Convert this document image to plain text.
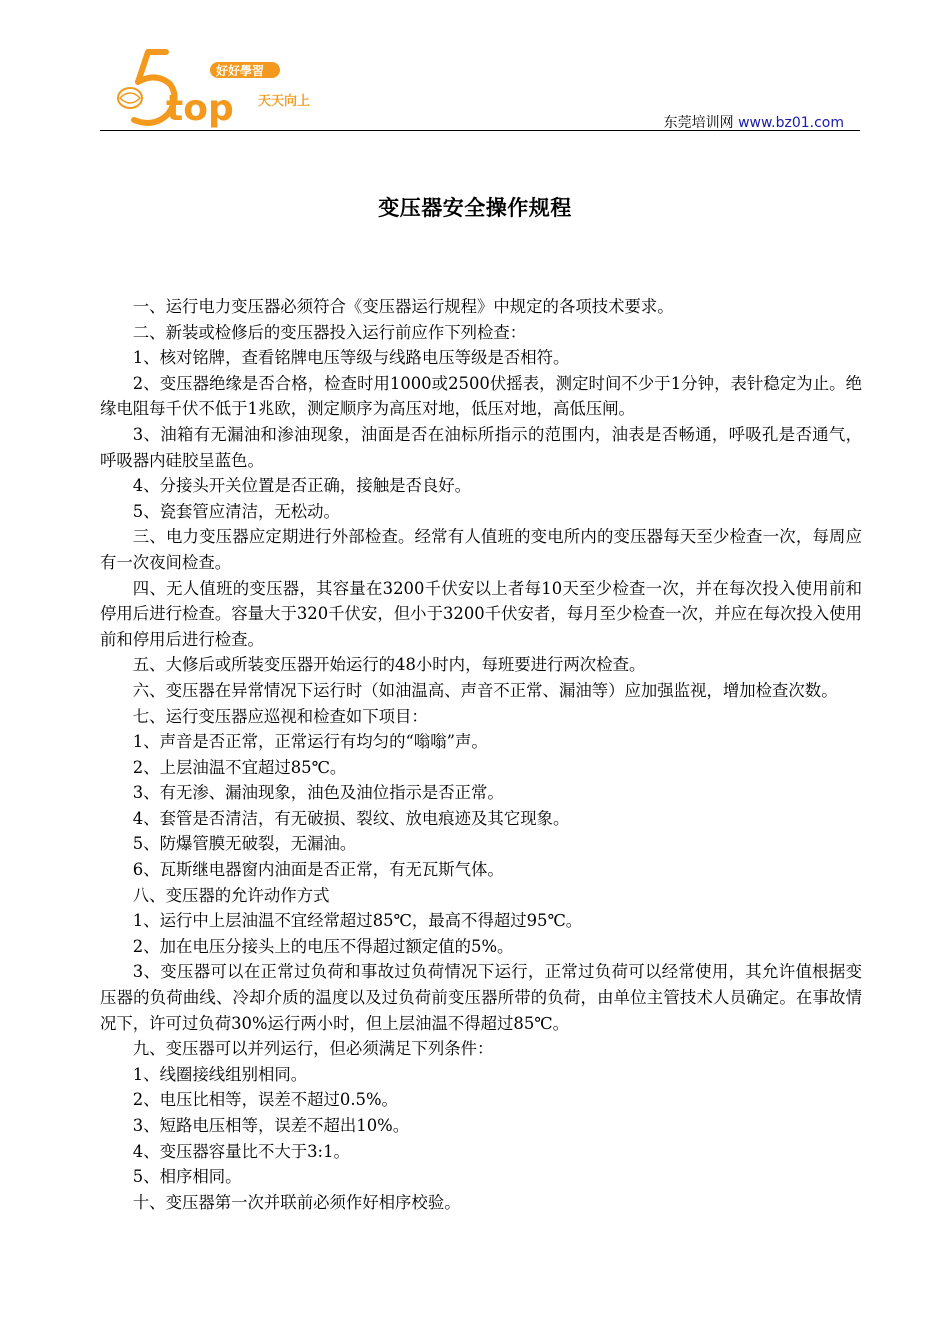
top
好好學習
天天向上
东莞培训网 www.bz01.com
变压器安全操作规程

一、运行电力变压器必须符合《变压器运行规程》中规定的各项技术要求。

二、新装或检修后的变压器投入运行前应作下列检查：

1、核对铭牌，查看铭牌电压等级与线路电压等级是否相符。

2、变压器绝缘是否合格，检查时用1000或2500伏摇表，测定时间不少于1分钟，表针稳定为止。绝缘电阻每千伏不低于1兆欧，测定顺序为高压对地，低压对地，高低压闸。

3、油箱有无漏油和渗油现象，油面是否在油标所指示的范围内，油表是否畅通，呼吸孔是否通气，呼吸器内硅胶呈蓝色。

4、分接头开关位置是否正确，接触是否良好。

5、瓷套管应清洁，无松动。

三、电力变压器应定期进行外部检查。经常有人值班的变电所内的变压器每天至少检查一次，每周应有一次夜间检查。

四、无人值班的变压器，其容量在3200千伏安以上者每10天至少检查一次，并在每次投入使用前和停用后进行检查。容量大于320千伏安，但小于3200千伏安者，每月至少检查一次，并应在每次投入使用前和停用后进行检查。

五、大修后或所装变压器开始运行的48小时内，每班要进行两次检查。

六、变压器在异常情况下运行时（如油温高、声音不正常、漏油等）应加强监视，增加检查次数。

七、运行变压器应巡视和检查如下项目：

1、声音是否正常，正常运行有均匀的“嗡嗡”声。

2、上层油温不宜超过85℃。

3、有无渗、漏油现象，油色及油位指示是否正常。

4、套管是否清洁，有无破损、裂纹、放电痕迹及其它现象。

5、防爆管膜无破裂，无漏油。

6、瓦斯继电器窗内油面是否正常，有无瓦斯气体。

八、变压器的允许动作方式

1、运行中上层油温不宜经常超过85℃，最高不得超过95℃。

2、加在电压分接头上的电压不得超过额定值的5%。

3、变压器可以在正常过负荷和事故过负荷情况下运行，正常过负荷可以经常使用，其允许值根据变压器的负荷曲线、冷却介质的温度以及过负荷前变压器所带的负荷，由单位主管技术人员确定。在事故情况下，许可过负荷30%运行两小时，但上层油温不得超过85℃。

九、变压器可以并列运行，但必须满足下列条件：

1、线圈接线组别相同。

2、电压比相等，误差不超过0.5%。

3、短路电压相等，误差不超出10%。

4、变压器容量比不大于3:1。

5、相序相同。

十、变压器第一次并联前必须作好相序校验。
